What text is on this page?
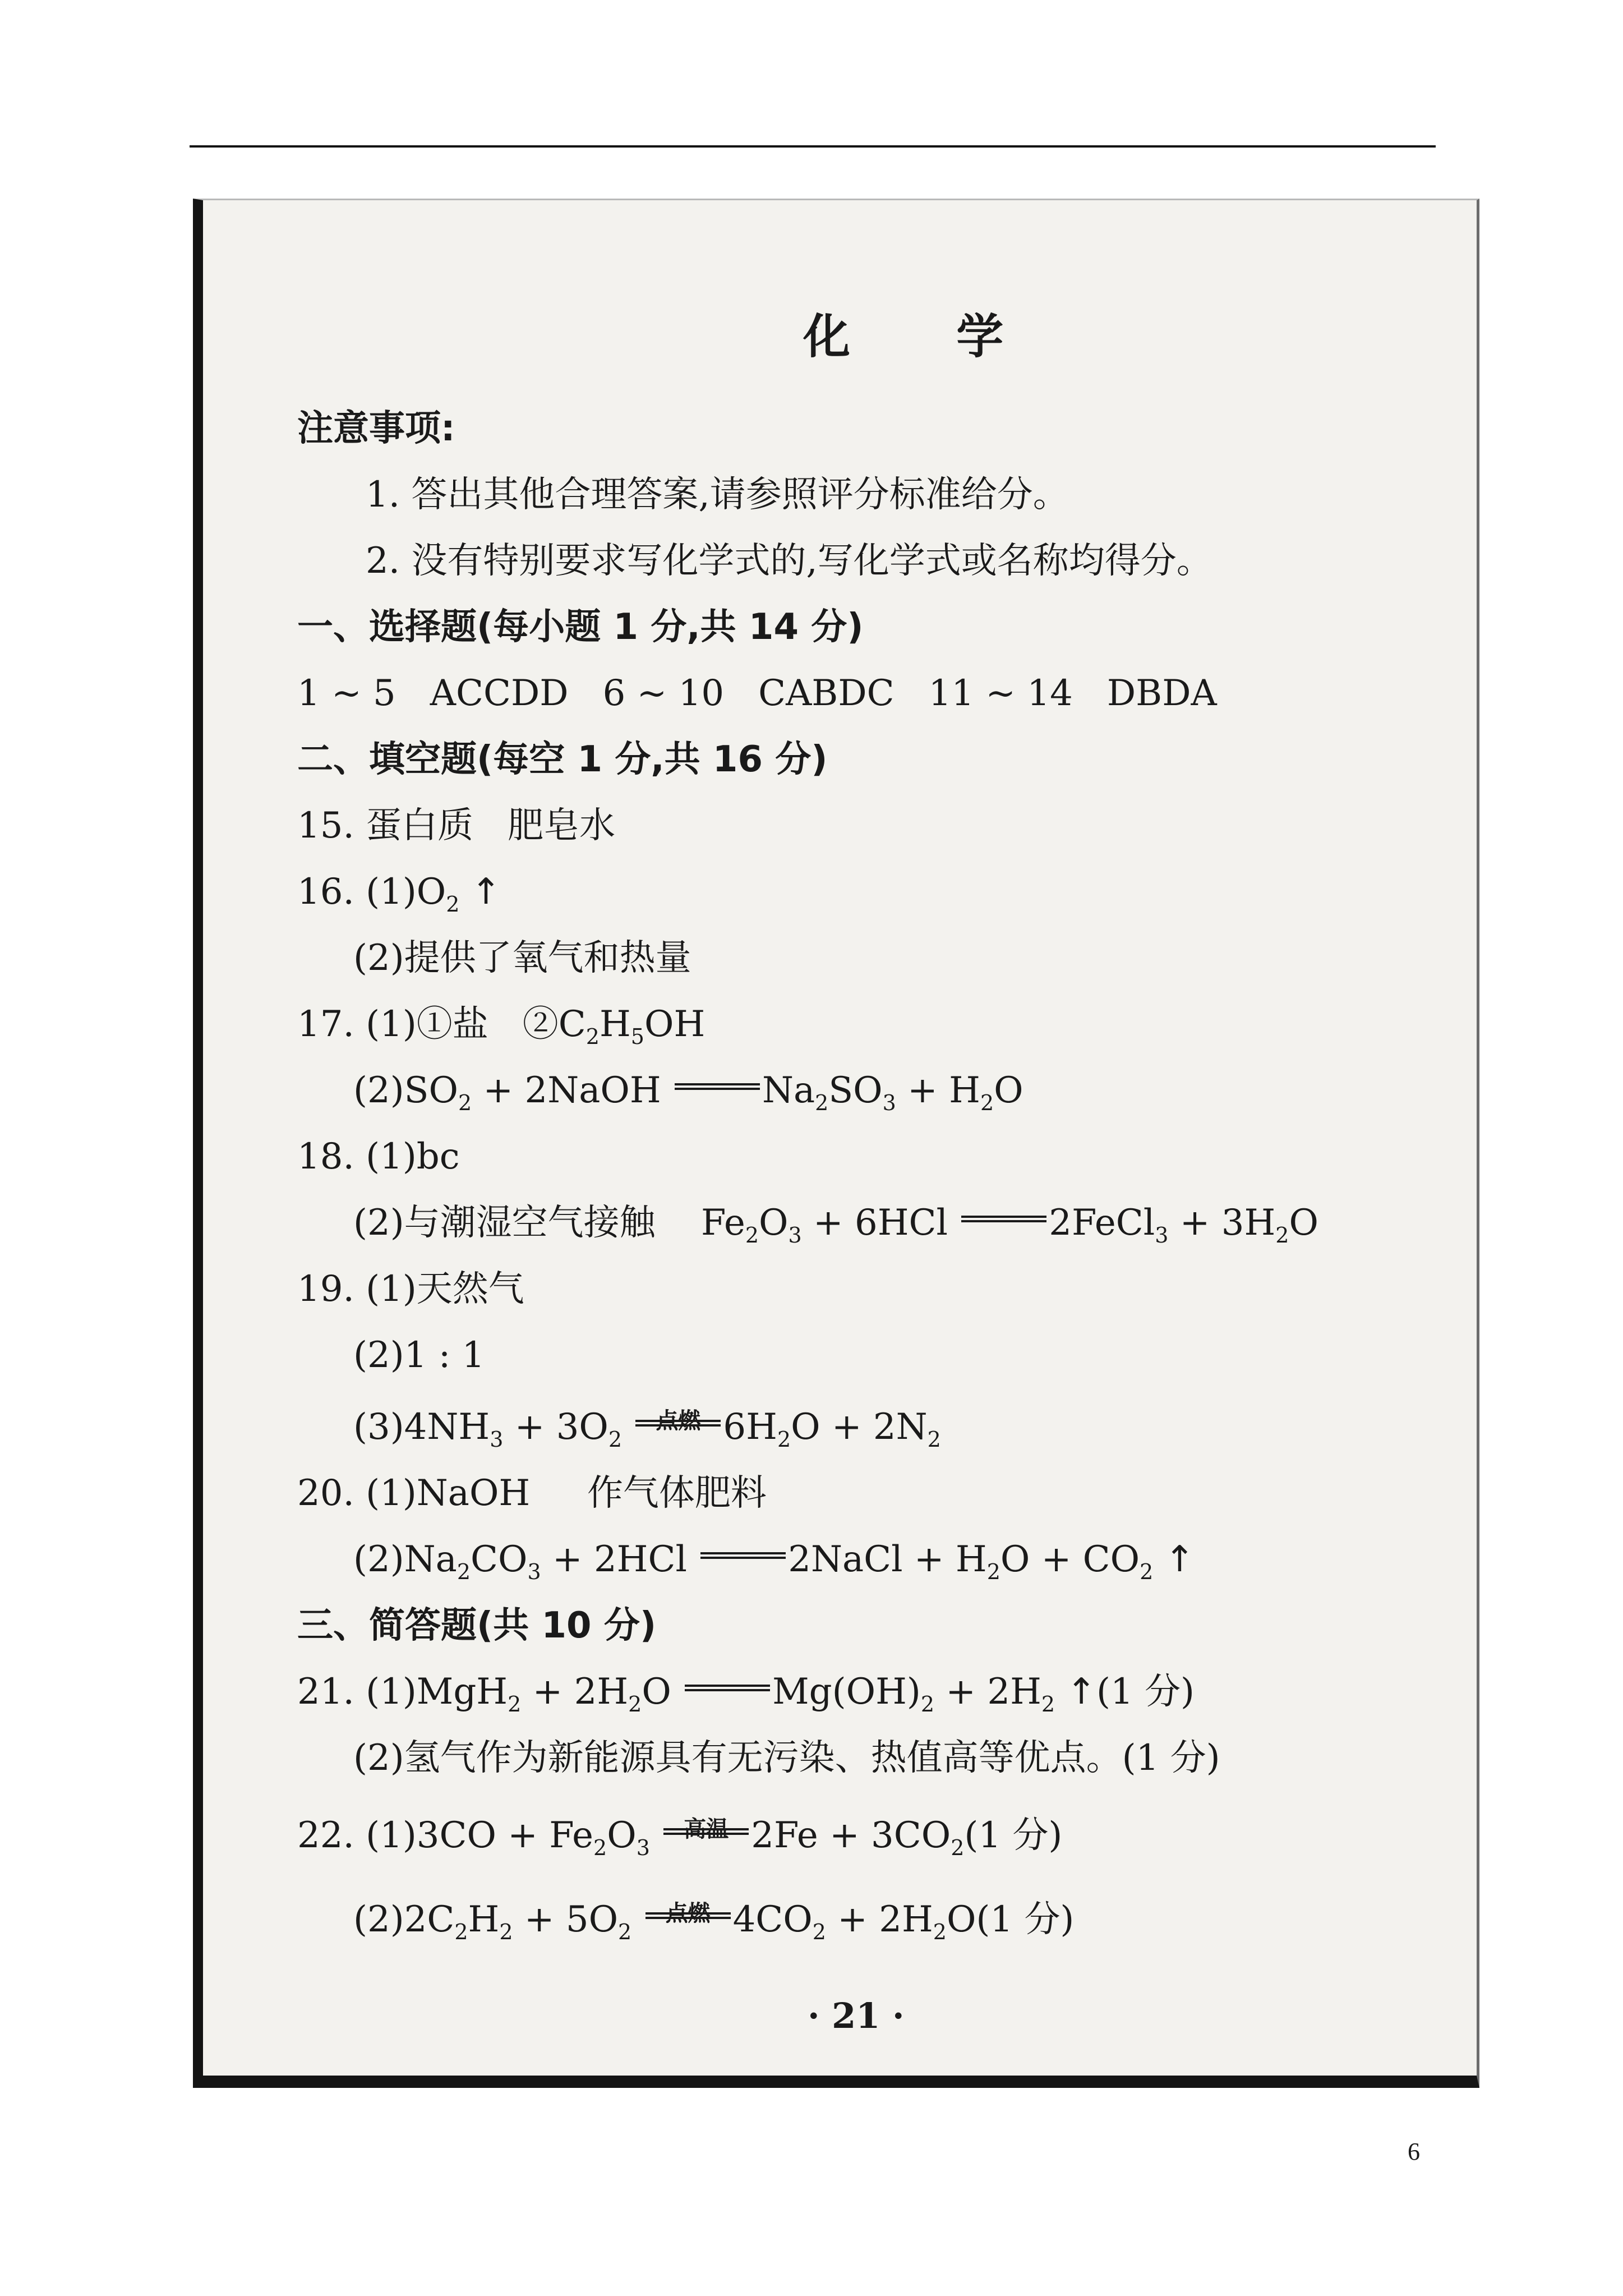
化 学
注意事项:
1. 答出其他合理答案,请参照评分标准给分。
2. 没有特别要求写化学式的,写化学式或名称均得分。
一、选择题(每小题 1 分,共 14 分)
1 ~ 5   ACCDD   6 ~ 10   CABDC   11 ~ 14   DBDA
二、填空题(每空 1 分,共 16 分)
15. 蛋白质   肥皂水
16. $(1)O_2$ ↑
(2)提供了氧气和热量
17. (1)①盐   $②C_2H_5OH$
$(2)SO_2$ + 2NaOH	$Na_2SO_3 + H_2O$
18. (1)bc
(2)与潮湿空气接触    $Fe_2O_3 + 6HCl$	2FeCl$_3$ + $3H_2O$
19. (1)天然气
(2)1 : 1
$(3)4NH_3 + 3O_2$
点燃 $6H_2O + 2N_2$
20. (1)NaOH     作气体肥料
$(2)Na_2CO_3 + 2HCl$	2NaCl + $H_2O + CO_2$ ↑
三、简答题(共 10 分)
21. $(1)MgH_2 + 2H_2O$	$Mg(OH)_2 + 2H_2$ ↑(1 分)
(2)氢气作为新能源具有无污染、热值高等优点。(1 分)
22. $(1)3CO + Fe_2O_3$
高温 $2Fe + 3CO_2(1$ 分)
$(2)2C_2H_2 + 5O_2$
点燃 $4CO_2 + 2H_2O(1$ 分)
· 21 ·
6
